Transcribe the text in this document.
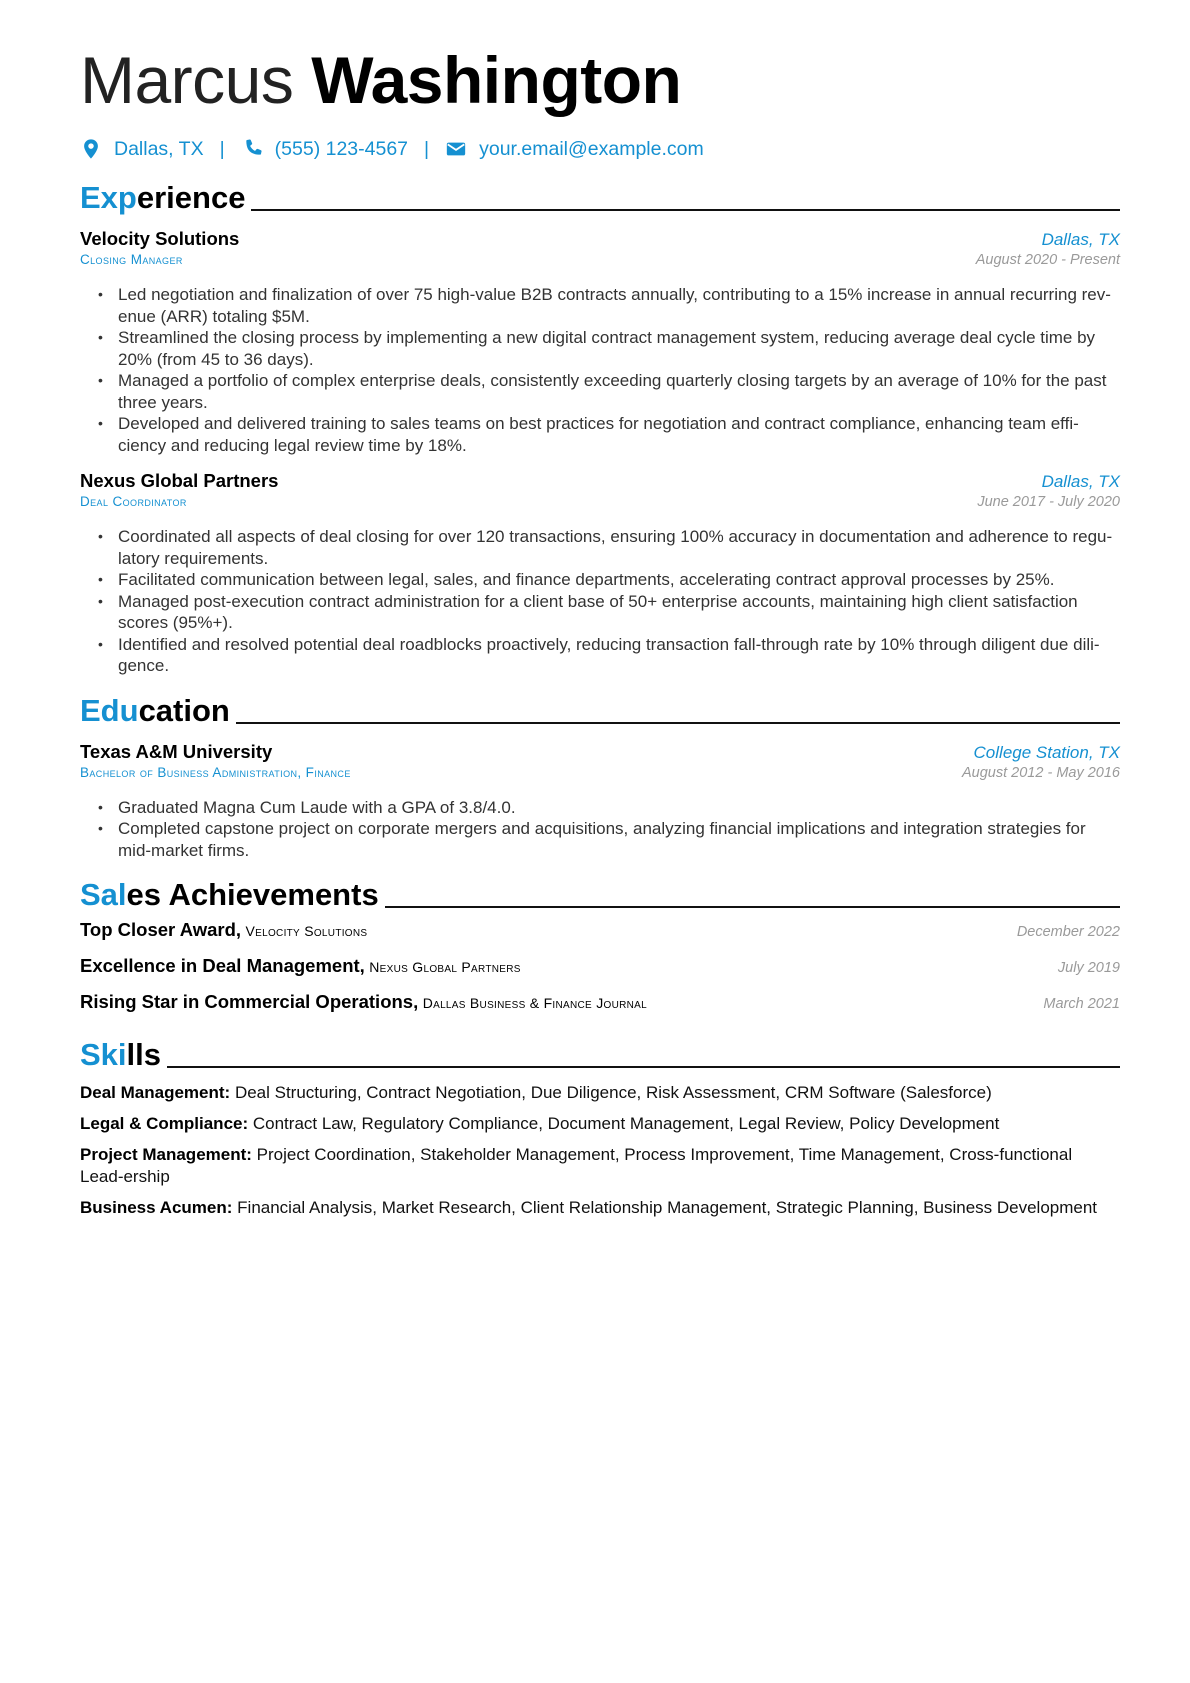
Marcus Washington
Dallas, TX |	(555) 123-4567 |	your.email@example.com
Experience
Velocity Solutions	Dallas, TX
Closing Manager	August 2020 - Present
• Led negotiation and finalization of over 75 high-value B2B contracts annually, contributing to a 15% increase in annual recurring rev-enue (ARR) totaling $5M.
• Streamlined the closing process by implementing a new digital contract management system, reducing average deal cycle time by 20% (from 45 to 36 days).
• Managed a portfolio of complex enterprise deals, consistently exceeding quarterly closing targets by an average of 10% for the past three years.
• Developed and delivered training to sales teams on best practices for negotiation and contract compliance, enhancing team effi-ciency and reducing legal review time by 18%.
Nexus Global Partners	Dallas, TX
Deal Coordinator	June 2017 - July 2020
• Coordinated all aspects of deal closing for over 120 transactions, ensuring 100% accuracy in documentation and adherence to regu-latory requirements.
• Facilitated communication between legal, sales, and finance departments, accelerating contract approval processes by 25%.
• Managed post-execution contract administration for a client base of 50+ enterprise accounts, maintaining high client satisfaction scores (95%+).
• Identified and resolved potential deal roadblocks proactively, reducing transaction fall-through rate by 10% through diligent due dili-gence.
Education
Texas A&M University	College Station, TX
Bachelor of Business Administration, Finance	August 2012 - May 2016
• Graduated Magna Cum Laude with a GPA of 3.8/4.0.
• Completed capstone project on corporate mergers and acquisitions, analyzing financial implications and integration strategies for mid-market firms.
Sales Achievements
Top Closer Award, Velocity Solutions	December 2022
Excellence in Deal Management, Nexus Global Partners	July 2019
Rising Star in Commercial Operations, Dallas Business & Finance Journal	March 2021
Skills
Deal Management: Deal Structuring, Contract Negotiation, Due Diligence, Risk Assessment, CRM Software (Salesforce)
Legal & Compliance: Contract Law, Regulatory Compliance, Document Management, Legal Review, Policy Development
Project Management: Project Coordination, Stakeholder Management, Process Improvement, Time Management, Cross-functional Lead-ership
Business Acumen: Financial Analysis, Market Research, Client Relationship Management, Strategic Planning, Business Development
